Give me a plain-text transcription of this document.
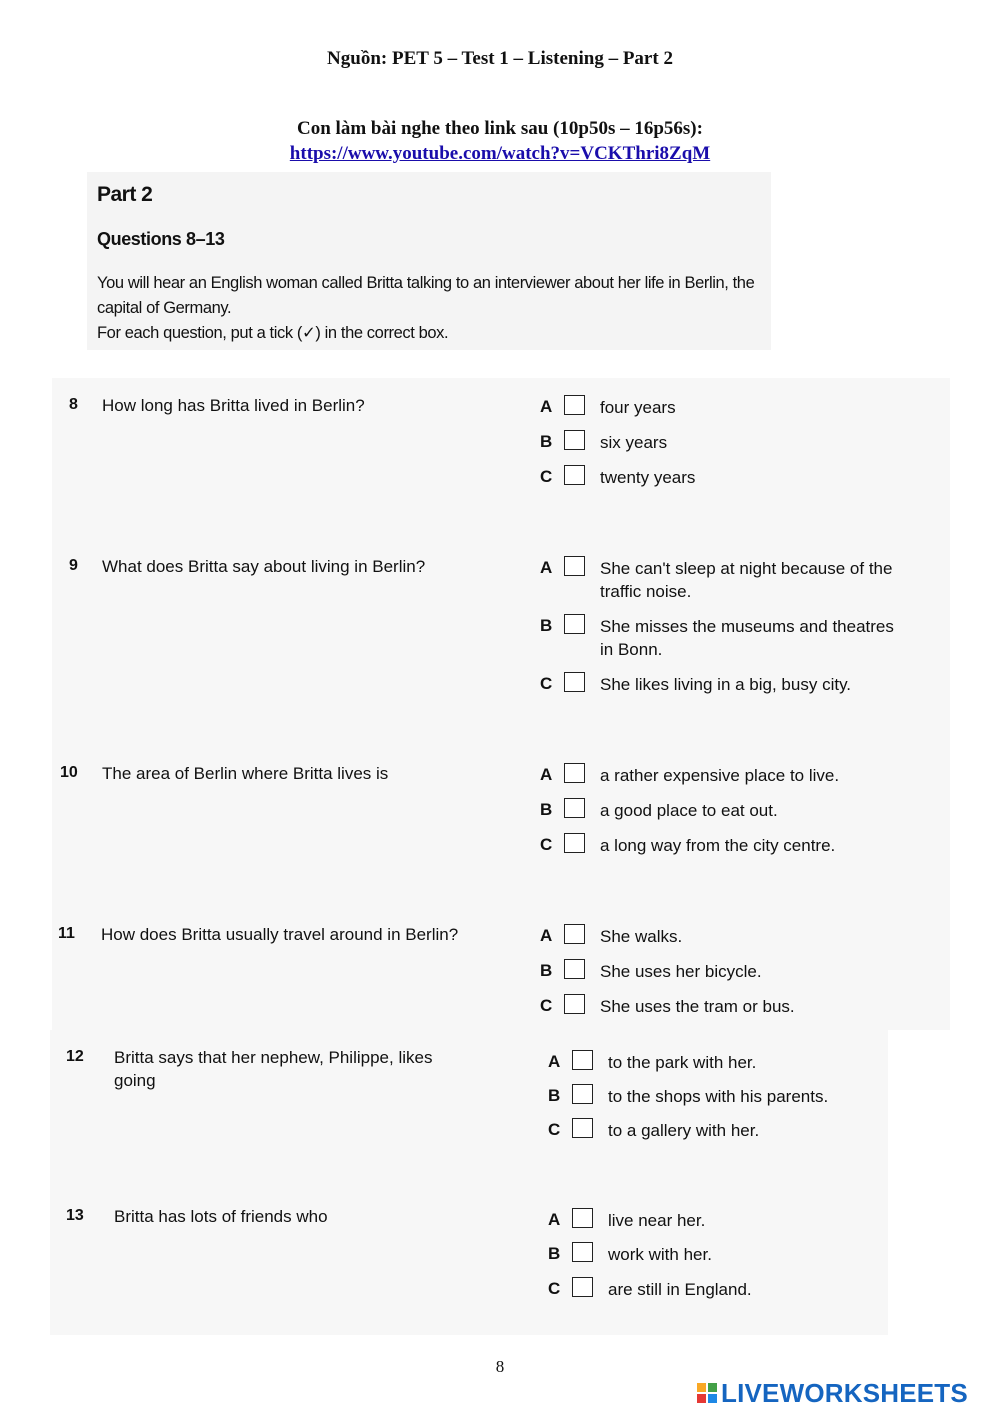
Nguồn: PET 5 – Test 1 – Listening – Part 2
Con làm bài nghe theo link sau (10p50s – 16p56s):
https://www.youtube.com/watch?v=VCKThri8ZqM
Part 2
Questions 8–13
You will hear an English woman called Britta talking to an interviewer about her life in Berlin, the capital of Germany.
For each question, put a tick (✓) in the correct box.
8 How long has Britta lived in Berlin?	A	four years
B	six years
C	twenty years
9 What does Britta say about living in Berlin?	A	She can't sleep at night because of the traffic noise.
B	She misses the museums and theatres in Bonn.
C	She likes living in a big, busy city.
10 The area of Berlin where Britta lives is	A	a rather expensive place to live.
B	a good place to eat out.
C	a long way from the city centre.
11 How does Britta usually travel around in Berlin?	A	She walks.
B	She uses her bicycle.
C	She uses the tram or bus.
12 Britta says that her nephew, Philippe, likes going
A	to the park with her.
B	to the shops with his parents.
C	to a gallery with her.
13 Britta has lots of friends who	A	live near her.
B	work with her.
C	are still in England.
8
LIVEWORKSHEETS
